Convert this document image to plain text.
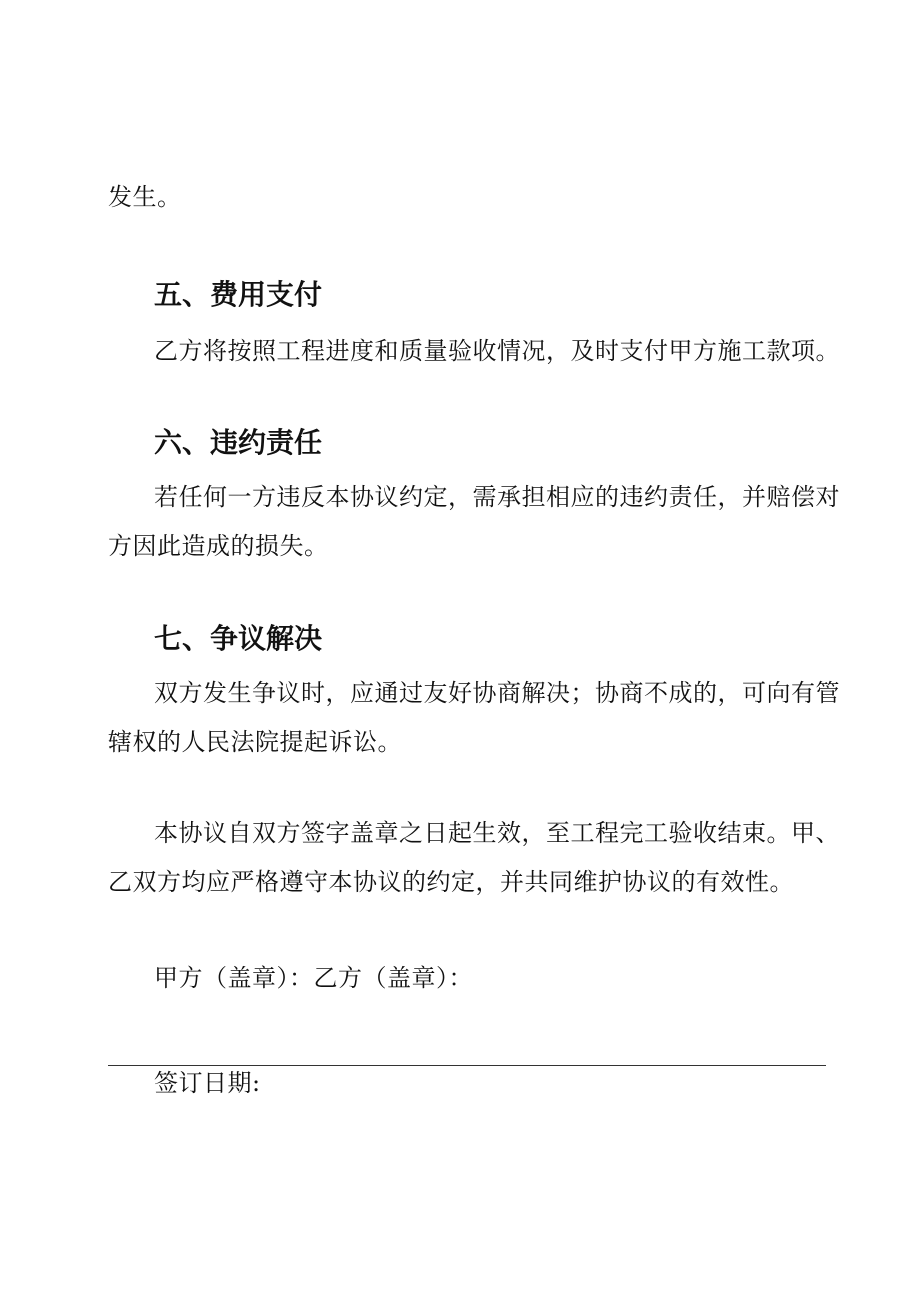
发生。
五、费用支付
乙方将按照工程进度和质量验收情况，及时支付甲方施工款项。
六、违约责任
若任何一方违反本协议约定，需承担相应的违约责任，并赔偿对
方因此造成的损失。
七、争议解决
双方发生争议时，应通过友好协商解决；协商不成的，可向有管
辖权的人民法院提起诉讼。
本协议自双方签字盖章之日起生效，至工程完工验收结束。甲、
乙双方均应严格遵守本协议的约定，并共同维护协议的有效性。
甲方（盖章）：乙方（盖章）：
签订日期:
